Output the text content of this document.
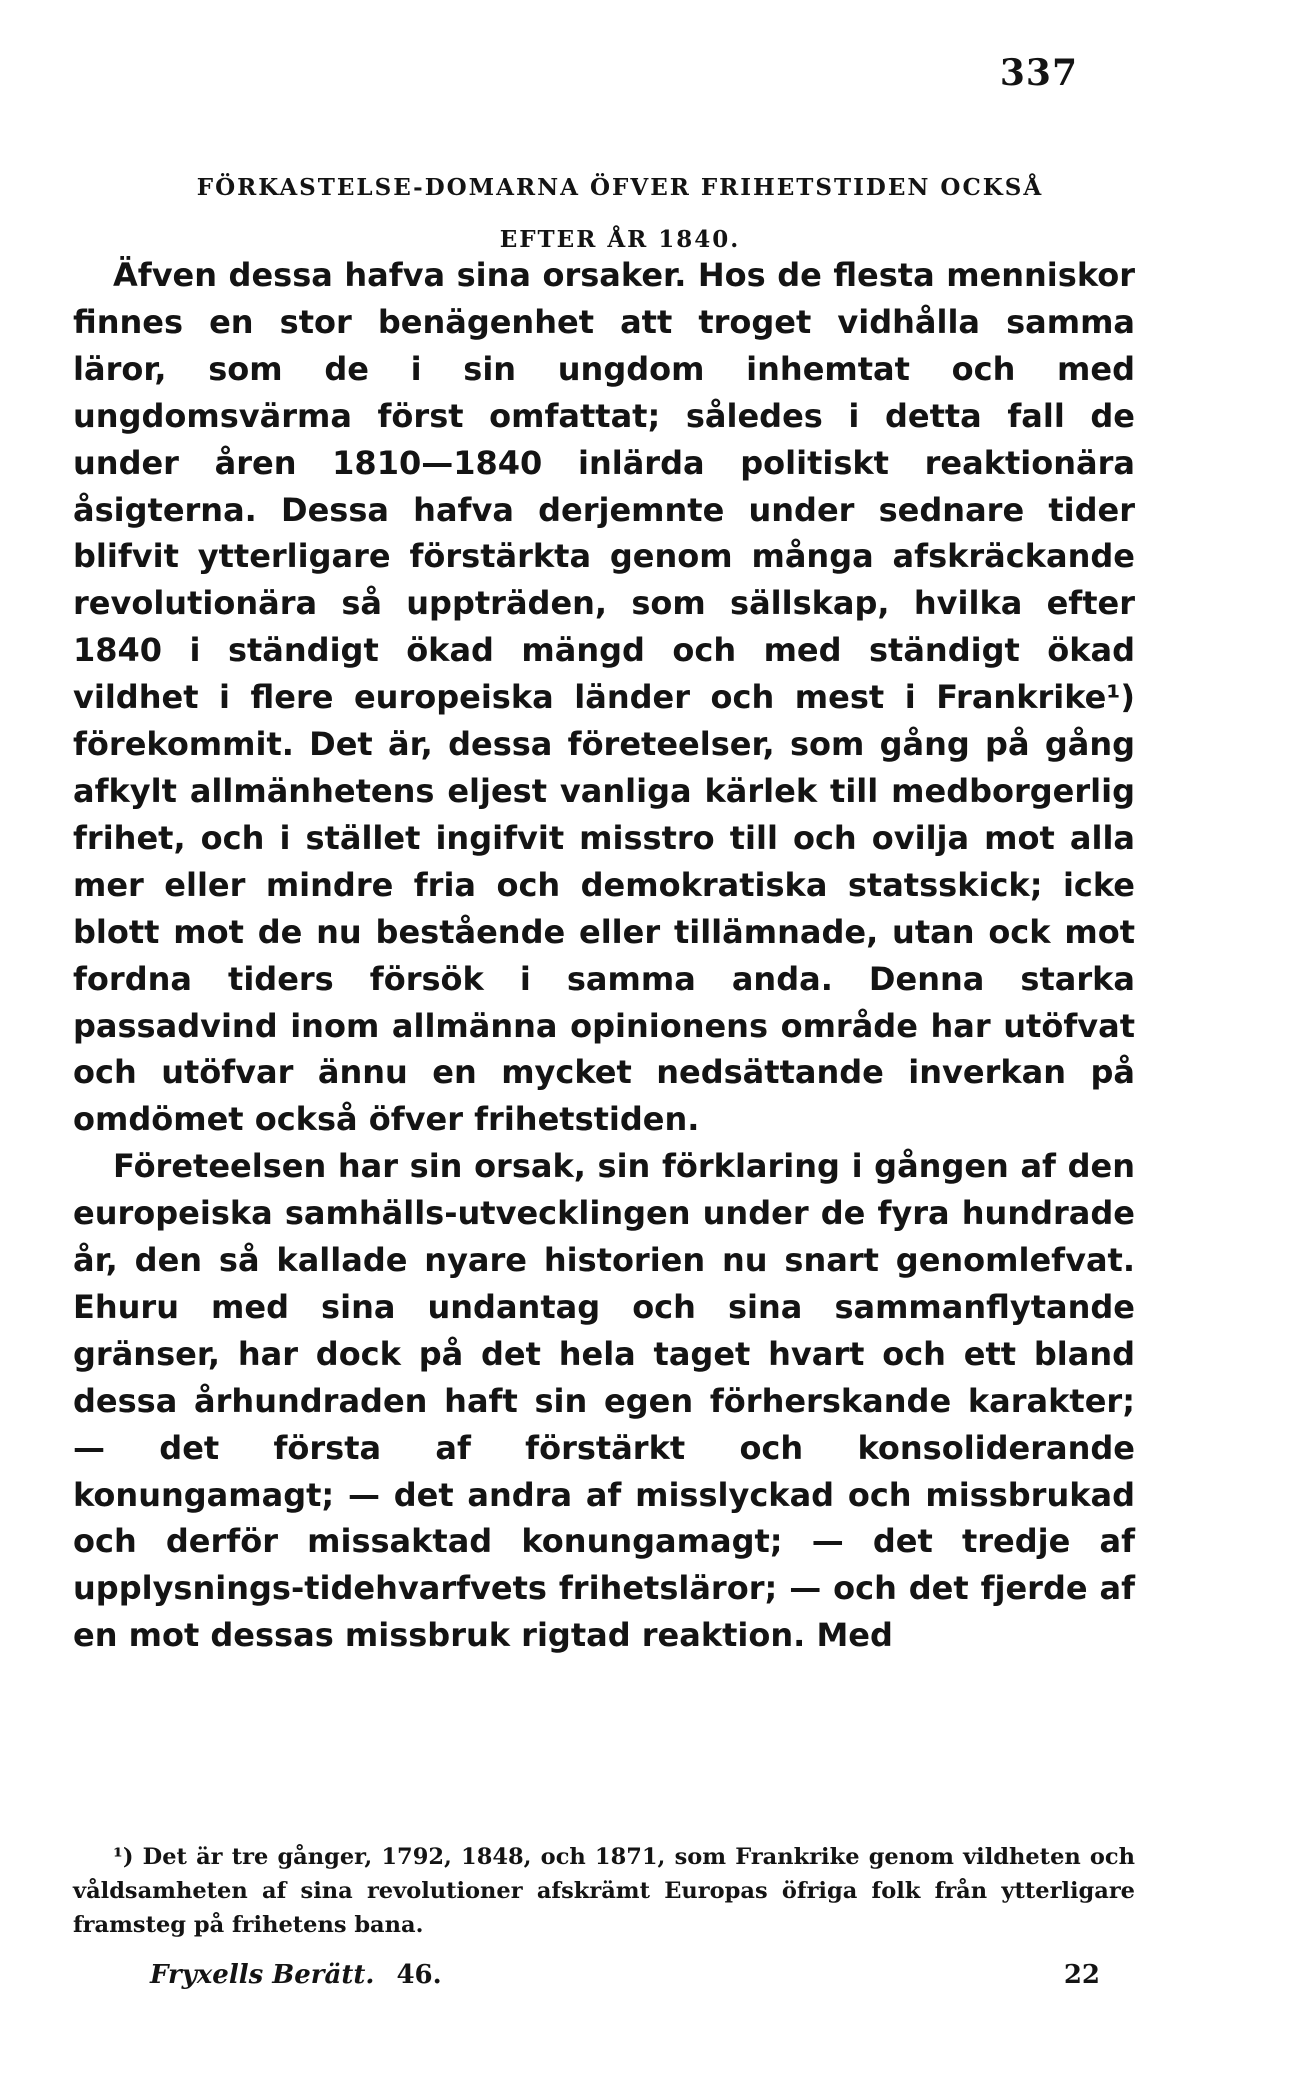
337
FÖRKASTELSE-DOMARNA ÖFVER FRIHETSTIDEN OCKSÅ
EFTER ÅR 1840.

Äfven dessa hafva sina orsaker. Hos de flesta menniskor finnes en stor benägenhet att troget vidhålla samma läror, som de i sin ungdom inhemtat och med ungdomsvärma först omfattat; således i detta fall de under åren 1810—1840 inlärda politiskt reaktionära åsigterna. Dessa hafva derjemnte under sednare tider blifvit ytterligare förstärkta genom många afskräckande revolutionära så uppträden, som sällskap, hvilka efter 1840 i ständigt ökad mängd och med ständigt ökad vildhet i flere europeiska länder och mest i Frankrike¹) förekommit. Det är, dessa företeelser, som gång på gång afkylt allmänhetens eljest vanliga kärlek till medborgerlig frihet, och i stället ingifvit misstro till och ovilja mot alla mer eller mindre fria och demokratiska statsskick; icke blott mot de nu bestående eller tillämnade, utan ock mot fordna tiders försök i samma anda. Denna starka passadvind inom allmänna opinionens område har utöfvat och utöfvar ännu en mycket nedsättande inverkan på omdömet också öfver frihetstiden.

Företeelsen har sin orsak, sin förklaring i gången af den europeiska samhälls-utvecklingen under de fyra hundrade år, den så kallade nyare historien nu snart genomlefvat. Ehuru med sina undantag och sina sammanflytande gränser, har dock på det hela taget hvart och ett bland dessa århundraden haft sin egen förherskande karakter; — det första af förstärkt och konsoliderande konungamagt; — det andra af misslyckad och missbrukad och derför missaktad konungamagt; — det tredje af upplysnings-tidehvarfvets frihetsläror; — och det fjerde af en mot dessas missbruk rigtad reaktion. Med

¹) Det är tre gånger, 1792, 1848, och 1871, som Frankrike genom vildheten och våldsamheten af sina revolutioner afskrämt Europas öfriga folk från ytterligare framsteg på frihetens bana.

Fryxells Berätt. 46.	22
